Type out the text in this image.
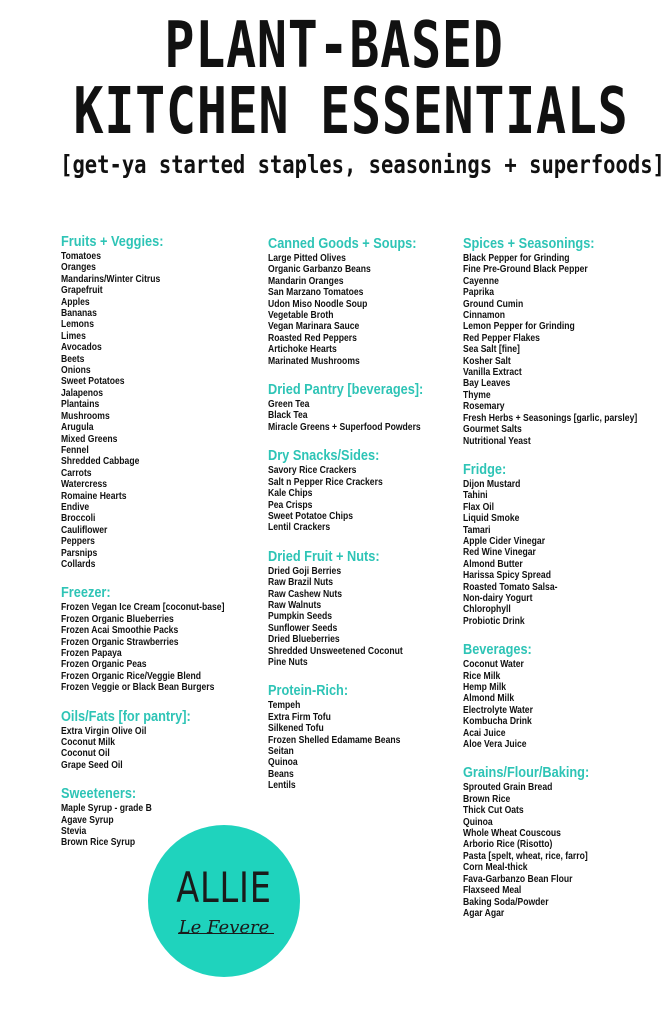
PLANT-BASED
KITCHEN ESSENTIALS
[get-ya started staples, seasonings + superfoods]
Fruits + Veggies:
Tomatoes
Oranges
Mandarins/Winter Citrus
Grapefruit
Apples
Bananas
Lemons
Limes
Avocados
Beets
Onions
Sweet Potatoes
Jalapenos
Plantains
Mushrooms
Arugula
Mixed Greens
Fennel
Shredded Cabbage
Carrots
Watercress
Romaine Hearts
Endive
Broccoli
Cauliflower
Peppers
Parsnips
Collards
Freezer:
Frozen Vegan Ice Cream [coconut-base]
Frozen Organic Blueberries
Frozen Acai Smoothie Packs
Frozen Organic Strawberries
Frozen Papaya
Frozen Organic Peas
Frozen Organic Rice/Veggie Blend
Frozen Veggie or Black Bean Burgers
Oils/Fats [for pantry]:
Extra Virgin Olive Oil
Coconut Milk
Coconut Oil
Grape Seed Oil
Sweeteners:
Maple Syrup - grade B
Agave Syrup
Stevia
Brown Rice Syrup
Canned Goods + Soups:
Large Pitted Olives
Organic Garbanzo Beans
Mandarin Oranges
San Marzano Tomatoes
Udon Miso Noodle Soup
Vegetable Broth
Vegan Marinara Sauce
Roasted Red Peppers
Artichoke Hearts
Marinated Mushrooms
Dried Pantry [beverages]:
Green Tea
Black Tea
Miracle Greens + Superfood Powders
Dry Snacks/Sides:
Savory Rice Crackers
Salt n Pepper Rice Crackers
Kale Chips
Pea Crisps
Sweet Potatoe Chips
Lentil Crackers
Dried Fruit + Nuts:
Dried Goji Berries
Raw Brazil Nuts
Raw Cashew Nuts
Raw Walnuts
Pumpkin Seeds
Sunflower Seeds
Dried Blueberries
Shredded Unsweetened Coconut
Pine Nuts
Protein-Rich:
Tempeh
Extra Firm Tofu
Silkened Tofu
Frozen Shelled Edamame Beans
Seitan
Quinoa
Beans
Lentils
Spices + Seasonings:
Black Pepper for Grinding
Fine Pre-Ground Black Pepper
Cayenne
Paprika
Ground Cumin
Cinnamon
Lemon Pepper for Grinding
Red Pepper Flakes
Sea Salt [fine]
Kosher Salt
Vanilla Extract
Bay Leaves
Thyme
Rosemary
Fresh Herbs + Seasonings [garlic, parsley]
Gourmet Salts
Nutritional Yeast
Fridge:
Dijon Mustard
Tahini
Flax Oil
Liquid Smoke
Tamari
Apple Cider Vinegar
Red Wine Vinegar
Almond Butter
Harissa Spicy Spread
Roasted Tomato Salsa-
Non-dairy Yogurt
Chlorophyll
Probiotic Drink
Beverages:
Coconut Water
Rice Milk
Hemp Milk
Almond Milk
Electrolyte Water
Kombucha Drink
Acai Juice
Aloe Vera Juice
Grains/Flour/Baking:
Sprouted Grain Bread
Brown Rice
Thick Cut Oats
Quinoa
Whole Wheat Couscous
Arborio Rice (Risotto)
Pasta [spelt, wheat, rice, farro]
Corn Meal-thick
Fava-Garbanzo Bean Flour
Flaxseed Meal
Baking Soda/Powder
Agar Agar
ALLIE
Le Fevere
